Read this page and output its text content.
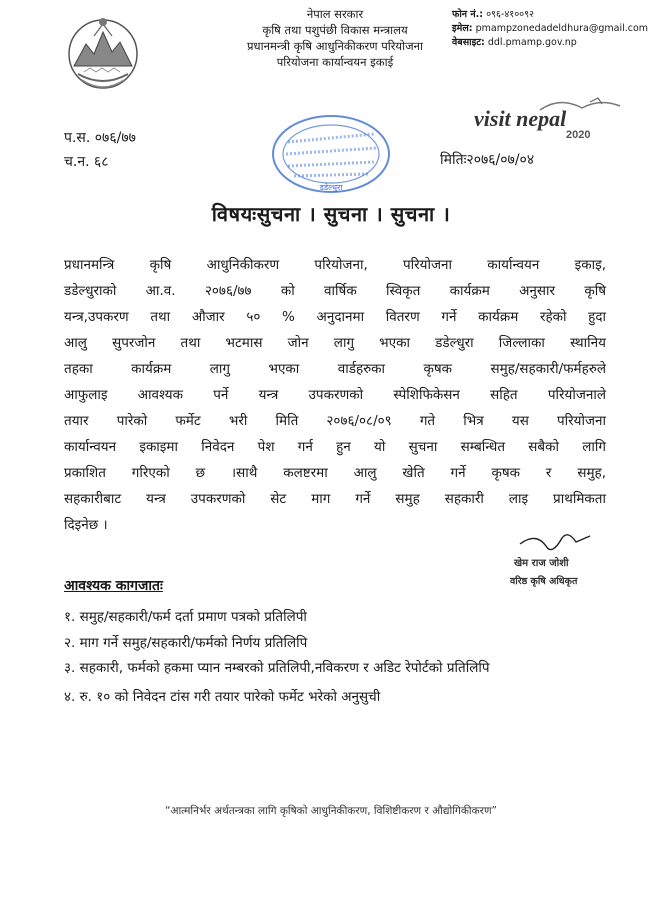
नेपाल सरकार
कृषि तथा पशुपंछी विकास मन्त्रालय
प्रधानमन्त्री कृषि आधुनिकीकरण परियोजना
परियोजना कार्यान्वयन इकाई
फोन नं.: ०९६-४१००९२
इमेल: pmampzonedadeldhura@gmail.com
वेबसाइट: ddl.pmamp.gov.np
visit nepal
2020
डडेल्धुरा
प.स. ०७६/७७
च.न. ६८	मितिः२०७६/०७/०४
विषयःसुचना । सुचना । सुचना ।
प्रधानमन्त्रि कृषि आधुनिकीकरण परियोजना, परियोजना कार्यान्वयन इकाइ,
डडेल्धुराको आ.व. २०७६/७७ को वार्षिक स्विकृत कार्यक्रम अनुसार कृषि
यन्त्र,उपकरण तथा औजार ५० % अनुदानमा वितरण गर्ने कार्यक्रम रहेको हुदा
आलु सुपरजोन तथा भटमास जोन लागु भएका डडेल्धुरा जिल्लाका स्थानिय
तहका कार्यक्रम लागु भएका वार्डहरुका कृषक समुह/सहकारी/फर्महरुले
आफुलाइ आवश्यक पर्ने यन्त्र उपकरणको स्पेशिफिकेसन सहित परियोजनाले
तयार पारेको फर्मेट भरी मिति २०७६/०८/०९ गते भित्र यस परियोजना
कार्यान्वयन इकाइमा निवेदन पेश गर्न हुन यो सुचना सम्बन्धित सबैको लागि
प्रकाशित गरिएको छ ।साथै कलष्टरमा आलु खेति गर्ने कृषक र समुह,
सहकारीबाट यन्त्र उपकरणको सेट माग गर्ने समुह सहकारी लाइ प्राथमिकता
दिइनेछ ।
खेम राज जोशी
वरिष्ठ कृषि अधिकृत
आवश्यक कागजातः
१. समुह/सहकारी/फर्म दर्ता प्रमाण पत्रको प्रतिलिपी
२. माग गर्ने समुह/सहकारी/फर्मको निर्णय प्रतिलिपि
३. सहकारी, फर्मको हकमा प्यान नम्बरको प्रतिलिपी,नविकरण र अडिट रेपोर्टको प्रतिलिपि
४. रु. १० को निवेदन टांस गरी तयार पारेको फर्मेट भरेको अनुसुची
“आत्मनिर्भर अर्थतन्त्रका लागि कृषिको आधुनिकीकरण, विशिष्टीकरण र औद्योगिकीकरण”
